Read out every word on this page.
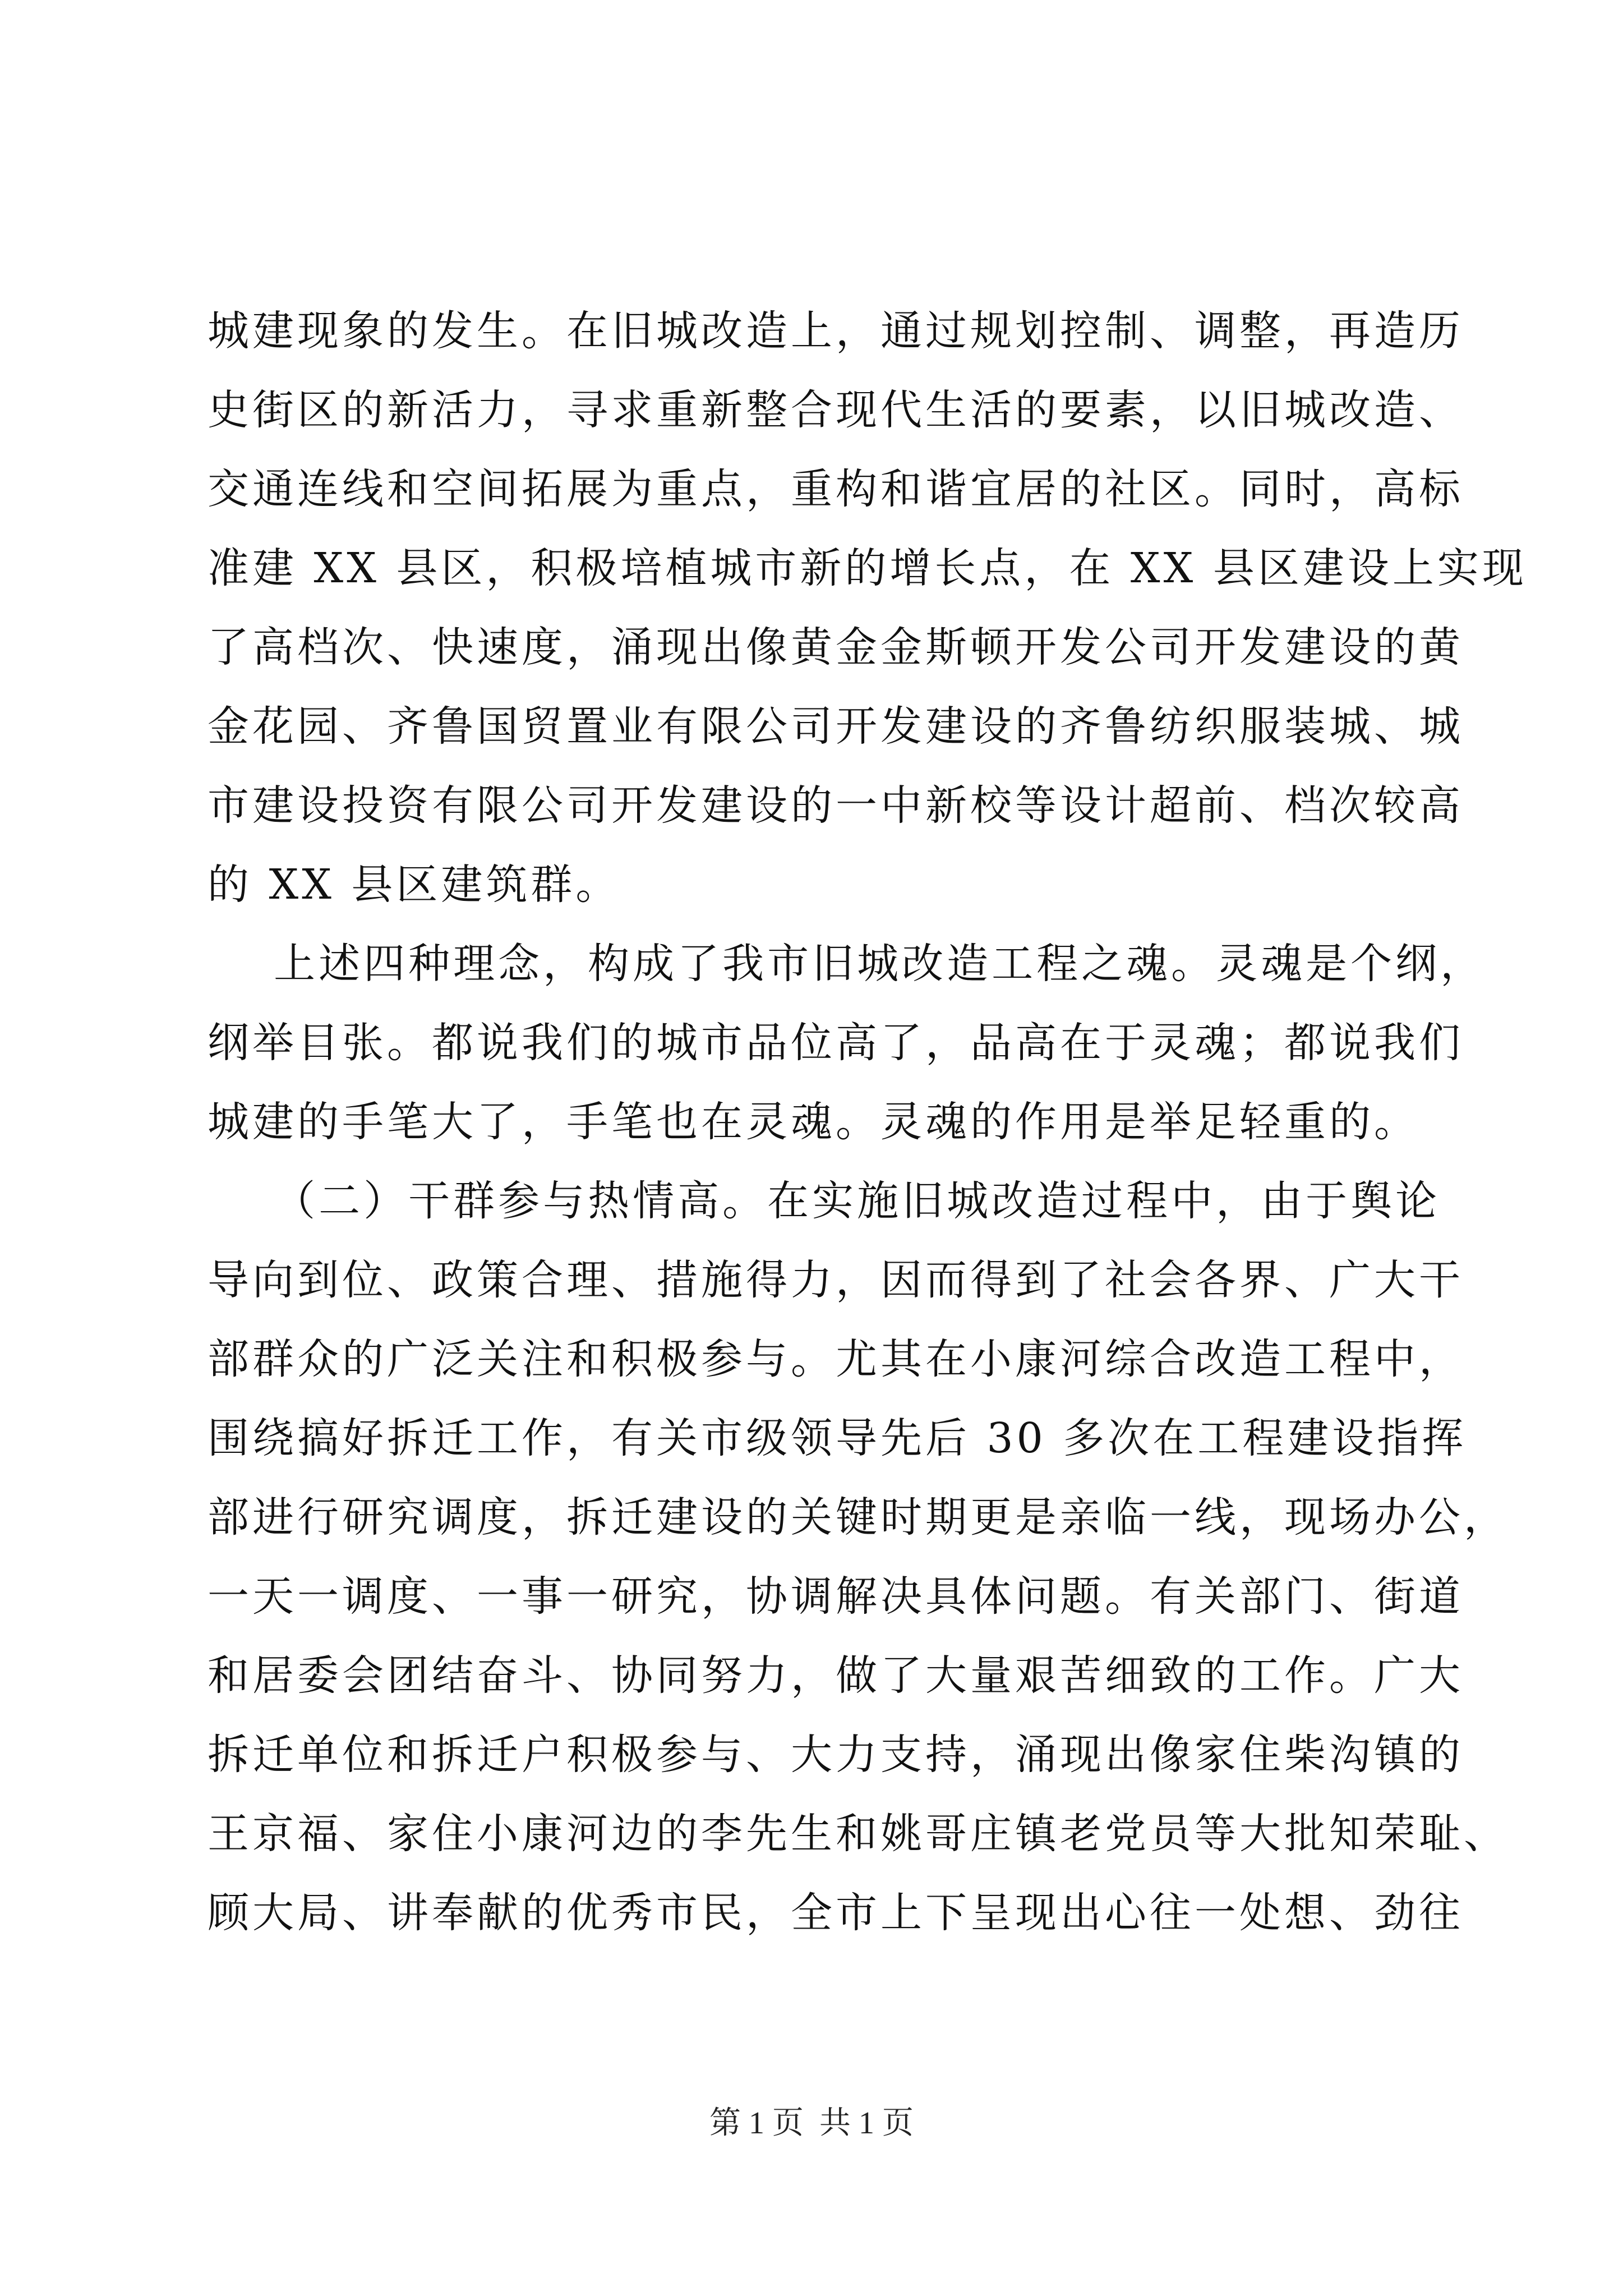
城建现象的发生。在旧城改造上，通过规划控制、调整，再造历
史街区的新活力，寻求重新整合现代生活的要素，以旧城改造、
交通连线和空间拓展为重点，重构和谐宜居的社区。同时，高标
准建 XX 县区，积极培植城市新的增长点，在 XX 县区建设上实现
了高档次、快速度，涌现出像黄金金斯顿开发公司开发建设的黄
金花园、齐鲁国贸置业有限公司开发建设的齐鲁纺织服装城、城
市建设投资有限公司开发建设的一中新校等设计超前、档次较高
的 XX 县区建筑群。
上述四种理念，构成了我市旧城改造工程之魂。灵魂是个纲，
纲举目张。都说我们的城市品位高了，品高在于灵魂；都说我们
城建的手笔大了，手笔也在灵魂。灵魂的作用是举足轻重的。
（二）干群参与热情高。在实施旧城改造过程中，由于舆论
导向到位、政策合理、措施得力，因而得到了社会各界、广大干
部群众的广泛关注和积极参与。尤其在小康河综合改造工程中，
围绕搞好拆迁工作，有关市级领导先后 30 多次在工程建设指挥
部进行研究调度，拆迁建设的关键时期更是亲临一线，现场办公，
一天一调度、一事一研究，协调解决具体问题。有关部门、街道
和居委会团结奋斗、协同努力，做了大量艰苦细致的工作。广大
拆迁单位和拆迁户积极参与、大力支持，涌现出像家住柴沟镇的
王京福、家住小康河边的李先生和姚哥庄镇老党员等大批知荣耻、
顾大局、讲奉献的优秀市民，全市上下呈现出心往一处想、劲往
第 1 页  共 1 页
